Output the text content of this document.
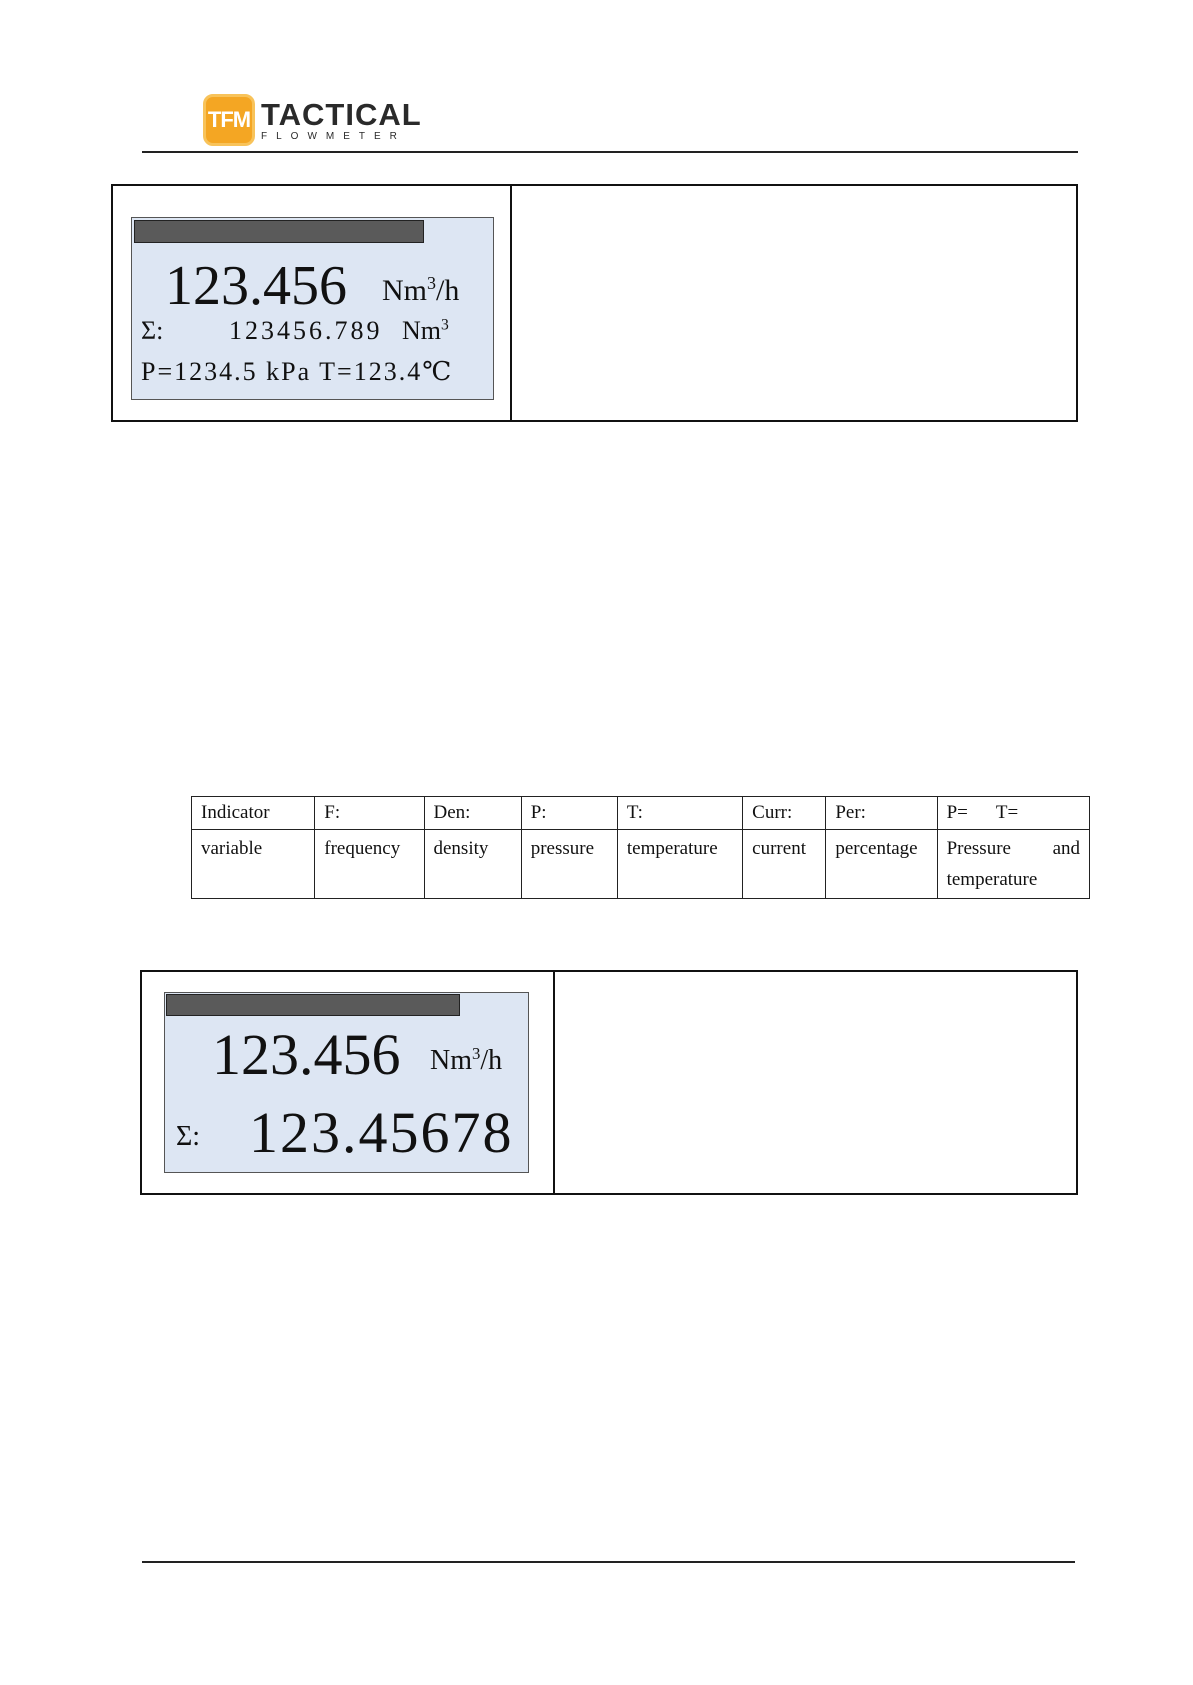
TFM TACTICAL
FLOWMETER
123.456 Nm$^3$/h
Σ:	123456.789 Nm$^3$
P=1234.5 kPa T=123.4℃
Indicator	F:	Den:	P:	T:	Curr:	Per:	P= T=
variable	frequency	density	pressure	temperature	current	percentage	Pressure and
temperature
123.456 Nm$^3$/h
Σ: 123.45678
